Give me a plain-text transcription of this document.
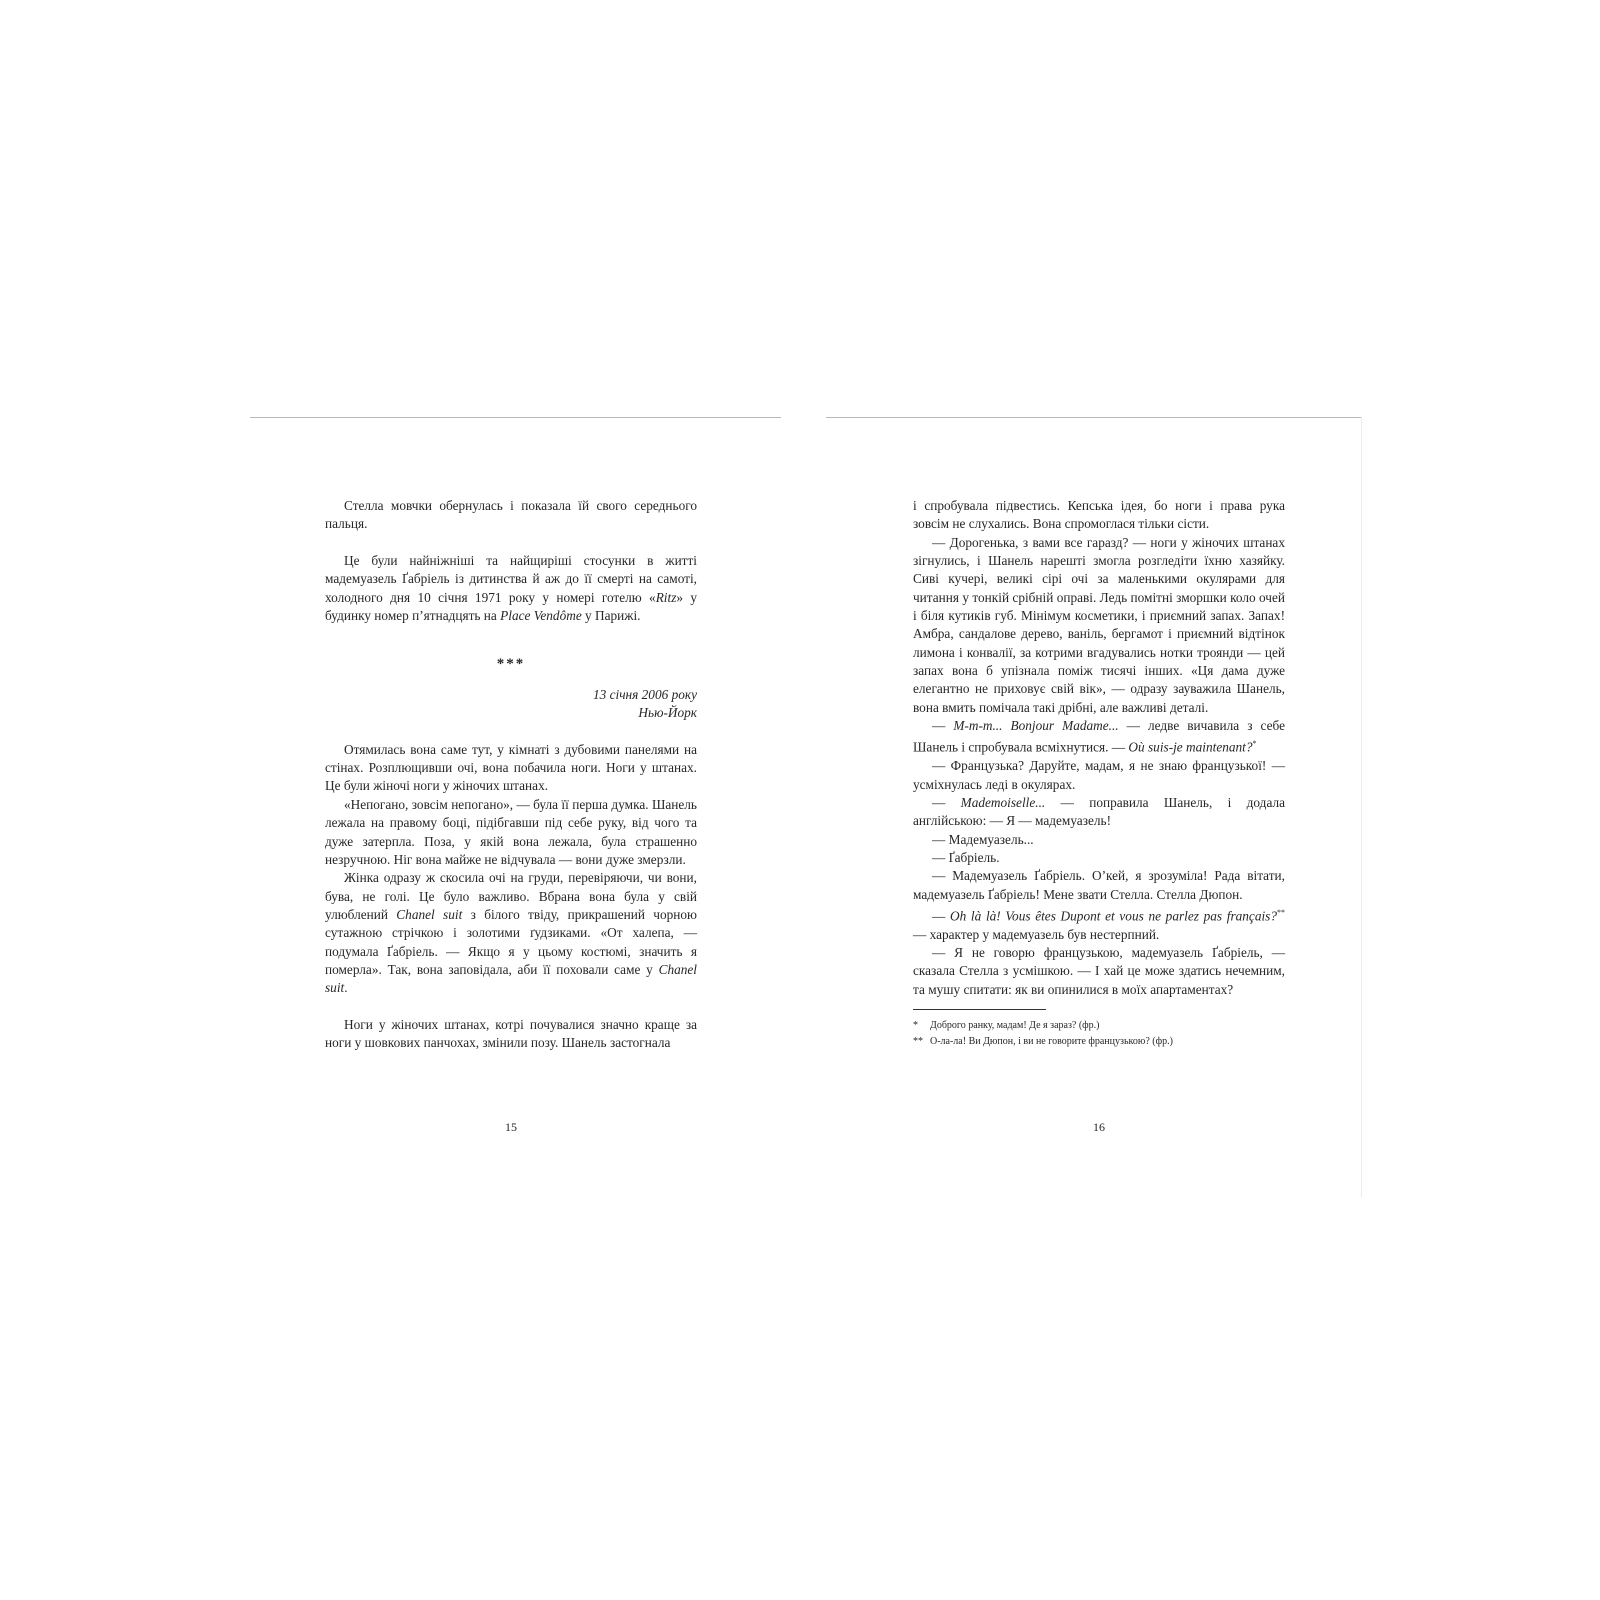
Стелла мовчки обернулась і показала їй свого середнього пальця.

Це були найніжніші та найщиріші стосунки в житті мадемуазель Ґабріель із дитинства й аж до її смерті на самоті, холодного дня 10 січня 1971 року у номері готелю «Ritz» у будинку номер п’ятнадцять на Place Vendôme у Парижі.

***

13 січня 2006 року

Нью-Йорк

Отямилась вона саме тут, у кімнаті з дубовими панелями на стінах. Розплющивши очі, вона побачила ноги. Ноги у штанах. Це були жіночі ноги у жіночих штанах.

«Непогано, зовсім непогано», — була її перша думка. Шанель лежала на правому боці, підібгавши під себе руку, від чого та дуже затерпла. Поза, у якій вона лежала, була страшенно незручною. Ніг вона майже не відчувала — вони дуже змерзли.

Жінка одразу ж скосила очі на груди, перевіряючи, чи вони, бува, не голі. Це було важливо. Вбрана вона була у свій улюблений Chanel suit з білого твіду, прикрашений чорною сутажною стрічкою і золотими ґудзиками. «От халепа, — подумала Ґабріель. — Якщо я у цьому костюмі, значить я померла». Так, вона заповідала, аби її поховали саме у Chanel suit.

Ноги у жіночих штанах, котрі почувалися значно краще за ноги у шовкових панчохах, змінили позу. Шанель застогнала

15

і спробувала підвестись. Кепська ідея, бо ноги і права рука зовсім не слухались. Вона спромоглася тільки сісти.

— Дорогенька, з вами все гаразд? — ноги у жіночих штанах зігнулись, і Шанель нарешті змогла розгледіти їхню хазяйку. Сиві кучері, великі сірі очі за маленькими окулярами для читання у тонкій срібній оправі. Ледь помітні зморшки коло очей і біля кутиків губ. Мінімум косметики, і приємний запах. Запах! Амбра, сандалове дерево, ваніль, бергамот і приємний відтінок лимона і конвалії, за котрими вгадувались нотки троянди — цей запах вона б упізнала поміж тисячі інших. «Ця дама дуже елегантно не приховує свій вік», — одразу зауважила Шанель, вона вмить помічала такі дрібні, але важливі деталі.

— M-m-m... Bonjour Madame... — ледве вичавила з себе Шанель і спробувала всміхнутися. — Où suis-je maintenant?*

— Французька? Даруйте, мадам, я не знаю французької! — усміхнулась леді в окулярах.

— Mademoiselle... — поправила Шанель, і додала англійською: — Я — мадемуазель!

— Мадемуазель...

— Ґабріель.

— Мадемуазель Ґабріель. О’кей, я зрозуміла! Рада вітати, мадемуазель Ґабріель! Мене звати Стелла. Стелла Дюпон.

— Oh là là! Vous êtes Dupont et vous ne parlez pas français?** — характер у мадемуазель був нестерпний.

— Я не говорю французькою, мадемуазель Ґабріель, — сказала Стелла з усмішкою. — І хай це може здатись нечемним, та мушу спитати: як ви опинилися в моїх апартаментах?

*	Доброго ранку, мадам! Де я зараз? (фр.)

** О-ла-ла! Ви Дюпон, і ви не говорите французькою? (фр.)

16
